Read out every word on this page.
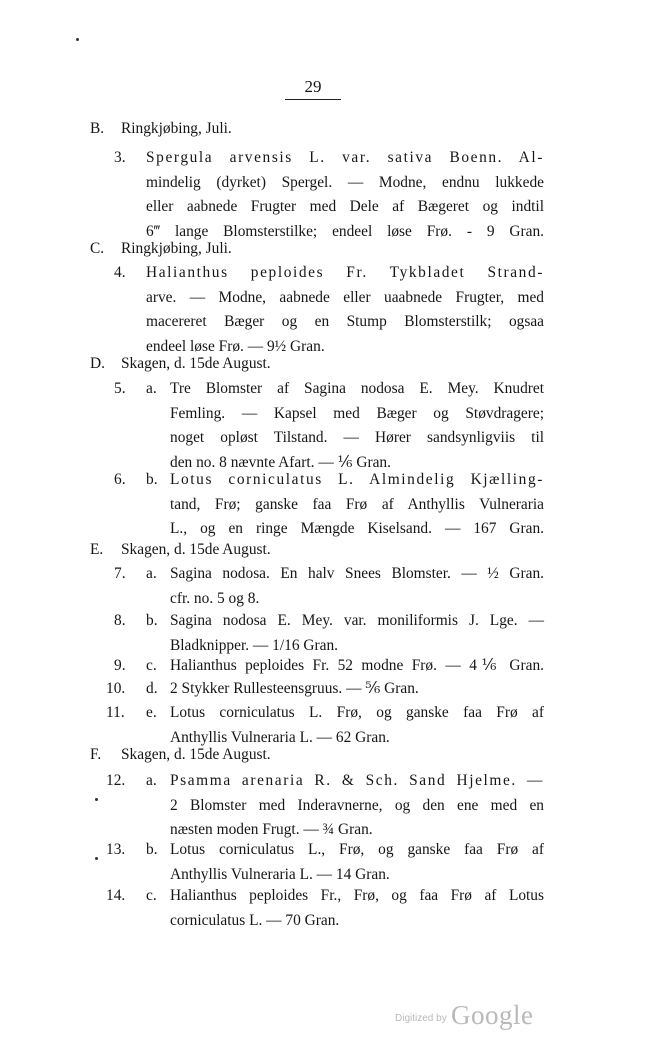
29
B. Ringkjøbing, Juli.
3. Spergula arvensis L. var. sativa Boenn. Al-
mindelig (dyrket) Spergel. — Modne, endnu lukkede
eller aabnede Frugter med Dele af Bægeret og indtil
6‴ lange Blomsterstilke; endeel løse Frø. - 9 Gran.
C. Ringkjøbing, Juli.
4. Halianthus peploides Fr. Tykbladet Strand-
arve. — Modne, aabnede eller uaabnede Frugter, med
macereret Bæger og en Stump Blomsterstilk; ogsaa
endeel løse Frø. — 9½ Gran.
D. Skagen, d. 15de August.
5. a. Tre Blomster af Sagina nodosa E. Mey. Knudret
Femling. — Kapsel med Bæger og Støvdragere;
noget opløst Tilstand. — Hører sandsynligviis til
den no. 8 nævnte Afart. — ⅙ Gran.
6. b. Lotus corniculatus L. Almindelig Kjælling-
tand, Frø; ganske faa Frø af Anthyllis Vulneraria
L., og en ringe Mængde Kiselsand. — 167 Gran.
E. Skagen, d. 15de August.
7. a. Sagina nodosa. En halv Snees Blomster. — ½ Gran.
cfr. no. 5 og 8.
8. b. Sagina nodosa E. Mey. var. moniliformis J. Lge. —
Bladknipper. — 1/16 Gran.
9. c. Halianthus peploides Fr. 52 modne Frø. — 4⅙ Gran.
10. d. 2 Stykker Rullesteensgruus. — ⅚ Gran.
11. e. Lotus corniculatus L. Frø, og ganske faa Frø af
Anthyllis Vulneraria L. — 62 Gran.
F. Skagen, d. 15de August.
12. a. Psamma arenaria R. & Sch. Sand Hjelme. —
2 Blomster med Inderavnerne, og den ene med en
næsten moden Frugt. — ¾ Gran.
13. b. Lotus corniculatus L., Frø, og ganske faa Frø af
Anthyllis Vulneraria L. — 14 Gran.
14. c. Halianthus peploides Fr., Frø, og faa Frø af Lotus
corniculatus L. — 70 Gran.
Digitized by Google
